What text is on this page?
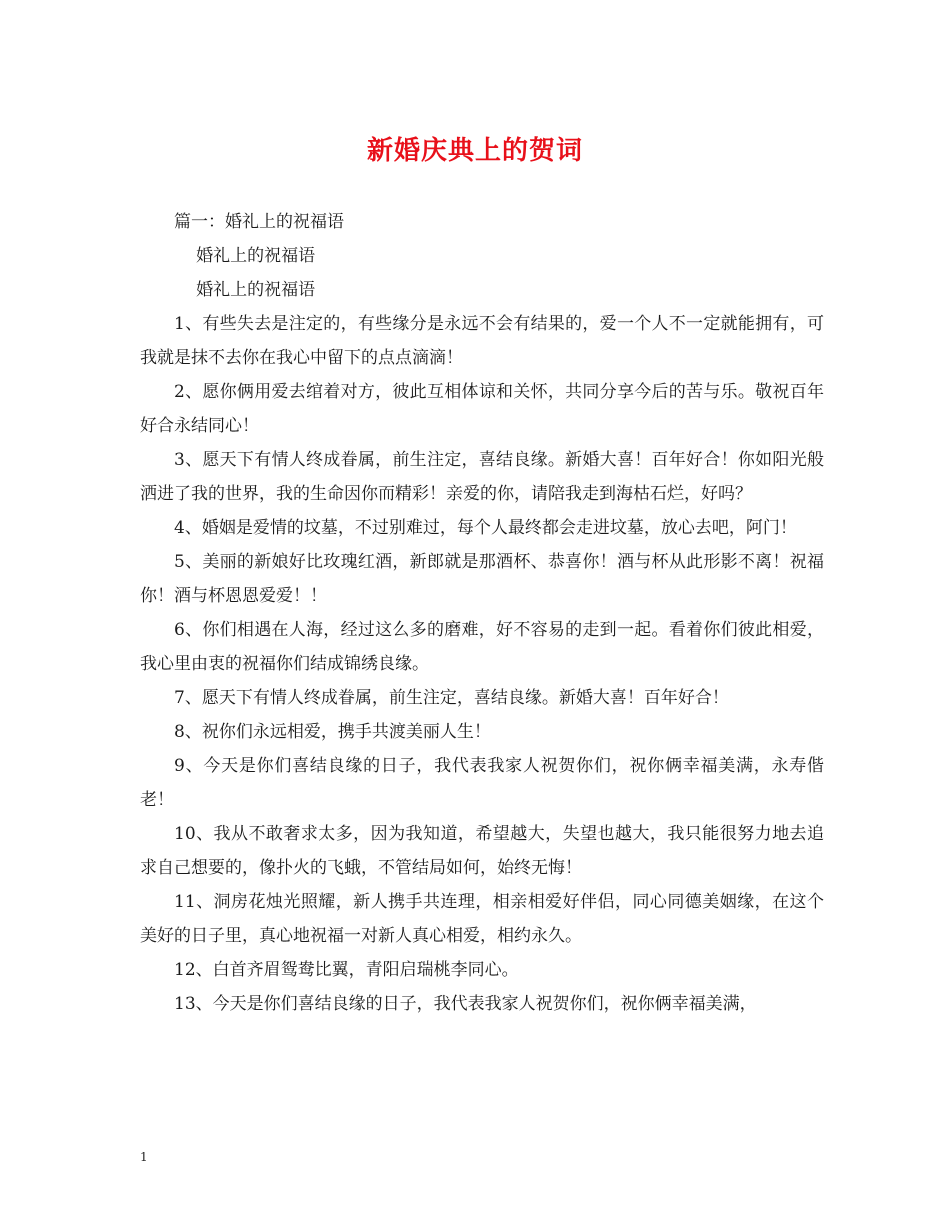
新婚庆典上的贺词

篇一：婚礼上的祝福语

婚礼上的祝福语

婚礼上的祝福语

1、有些失去是注定的，有些缘分是永远不会有结果的，爱一个人不一定就能拥有，可我就是抹不去你在我心中留下的点点滴滴！

2、愿你俩用爱去绾着对方，彼此互相体谅和关怀，共同分享今后的苦与乐。敬祝百年好合永结同心！

3、愿天下有情人终成眷属，前生注定，喜结良缘。新婚大喜！百年好合！你如阳光般洒进了我的世界，我的生命因你而精彩！亲爱的你，请陪我走到海枯石烂，好吗？

4、婚姻是爱情的坟墓，不过别难过，每个人最终都会走进坟墓，放心去吧，阿门！

5、美丽的新娘好比玫瑰红酒，新郎就是那酒杯、恭喜你！酒与杯从此形影不离！祝福你！酒与杯恩恩爱爱！！

6、你们相遇在人海，经过这么多的磨难，好不容易的走到一起。看着你们彼此相爱，我心里由衷的祝福你们结成锦绣良缘。

7、愿天下有情人终成眷属，前生注定，喜结良缘。新婚大喜！百年好合！

8、祝你们永远相爱，携手共渡美丽人生！

9、今天是你们喜结良缘的日子，我代表我家人祝贺你们，祝你俩幸福美满，永寿偕老！

10、我从不敢奢求太多，因为我知道，希望越大，失望也越大，我只能很努力地去追求自己想要的，像扑火的飞蛾，不管结局如何，始终无悔！

11、洞房花烛光照耀，新人携手共连理，相亲相爱好伴侣，同心同德美姻缘，在这个美好的日子里，真心地祝福一对新人真心相爱，相约永久。

12、白首齐眉鸳鸯比翼，青阳启瑞桃李同心。

13、今天是你们喜结良缘的日子，我代表我家人祝贺你们，祝你俩幸福美满，

1
